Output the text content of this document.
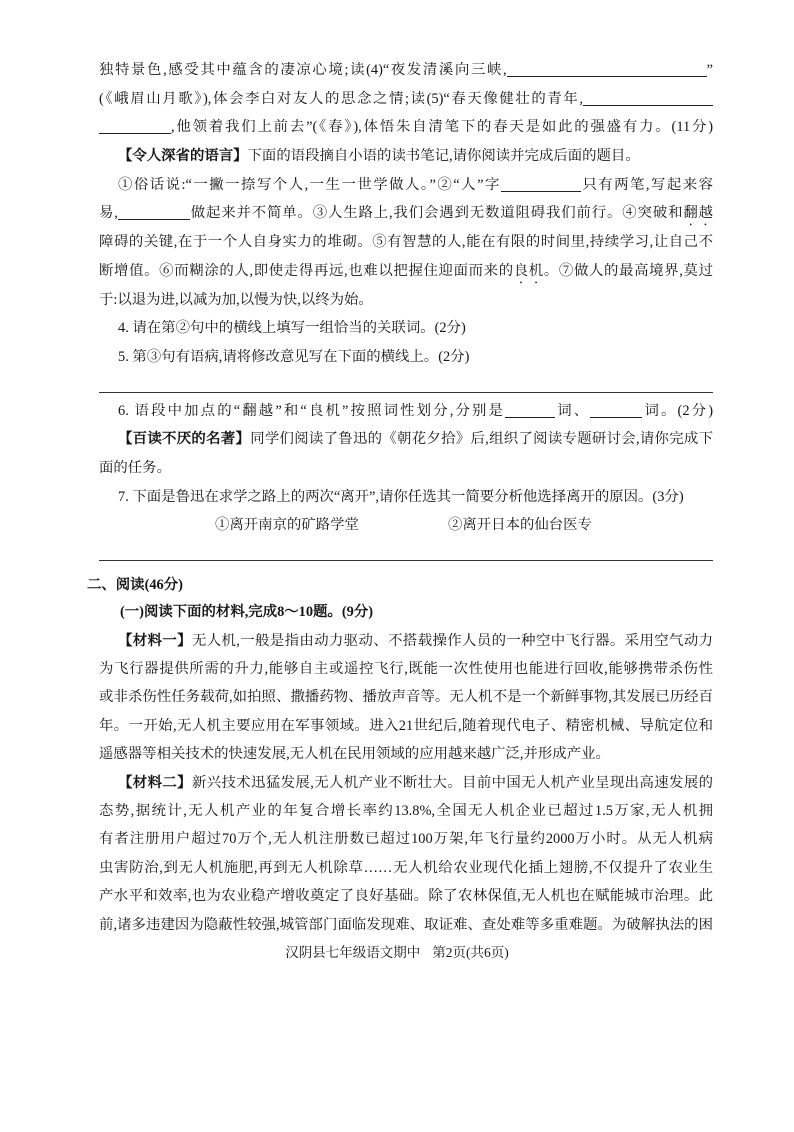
独特景色,感受其中蕴含的凄凉心境;读(4)“夜发清溪向三峡,	”
(《峨眉山月歌》),体会李白对友人的思念之情;读(5)“春天像健壮的青年,
,他领着我们上前去”(《春》),体悟朱自清笔下的春天是如此的强盛有力。(11分)
【令人深省的语言】下面的语段摘自小语的读书笔记,请你阅读并完成后面的题目。
①俗话说:“一撇一捺写个人,一生一世学做人。”②“人”字	只有两笔,写起来容
易,	做起来并不简单。③人生路上,我们会遇到无数道阻碍我们前行。④突破和翻越
障碍的关键,在于一个人自身实力的堆砌。⑤有智慧的人,能在有限的时间里,持续学习,让自己不
断增值。⑥而糊涂的人,即使走得再远,也难以把握住迎面而来的良机。⑦做人的最高境界,莫过
于:以退为进,以减为加,以慢为快,以终为始。
4. 请在第②句中的横线上填写一组恰当的关联词。(2分)
5. 第③句有语病,请将修改意见写在下面的横线上。(2分)
6. 语段中加点的“翻越”和“良机”按照词性划分,分别是	词、	词。(2分)
【百读不厌的名著】同学们阅读了鲁迅的《朝花夕拾》后,组织了阅读专题研讨会,请你完成下
面的任务。
7. 下面是鲁迅在求学之路上的两次“离开”,请你任选其一简要分析他选择离开的原因。(3分)
①离开南京的矿路学堂	②离开日本的仙台医专
二、阅读(46分)
(一)阅读下面的材料,完成8～10题。(9分)
【材料一】无人机,一般是指由动力驱动、不搭载操作人员的一种空中飞行器。采用空气动力
为飞行器提供所需的升力,能够自主或遥控飞行,既能一次性使用也能进行回收,能够携带杀伤性
或非杀伤性任务载荷,如拍照、撒播药物、播放声音等。无人机不是一个新鲜事物,其发展已历经百
年。一开始,无人机主要应用在军事领域。进入21世纪后,随着现代电子、精密机械、导航定位和
遥感器等相关技术的快速发展,无人机在民用领域的应用越来越广泛,并形成产业。
【材料二】新兴技术迅猛发展,无人机产业不断壮大。目前中国无人机产业呈现出高速发展的
态势,据统计,无人机产业的年复合增长率约13.8%,全国无人机企业已超过1.5万家,无人机拥
有者注册用户超过70万个,无人机注册数已超过100万架,年飞行量约2000万小时。从无人机病
虫害防治,到无人机施肥,再到无人机除草……无人机给农业现代化插上翅膀,不仅提升了农业生
产水平和效率,也为农业稳产增收奠定了良好基础。除了农林保值,无人机也在赋能城市治理。此
前,诸多违建因为隐蔽性较强,城管部门面临发现难、取证难、查处难等多重难题。为破解执法的困
汉阴县七年级语文期中 第2页(共6页)
